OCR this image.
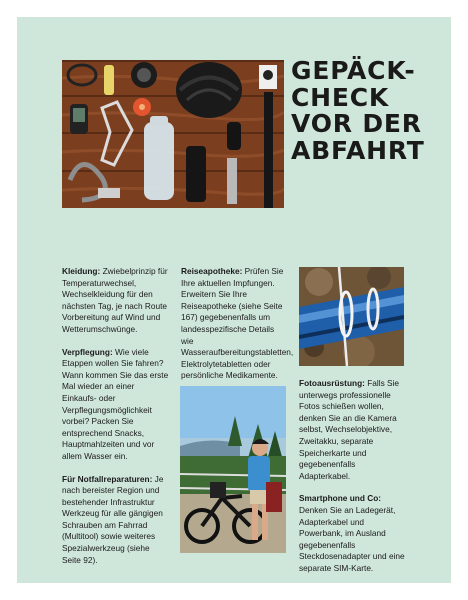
GEPÄCK-
CHECK
VOR DER
ABFAHRT

Kleidung: Zwiebelprinzip für Temperaturwechsel, Wechselkleidung für den nächsten Tag, je nach Route Vorbereitung auf Wind und Wetterumschwünge.

Verpflegung: Wie viele Etappen wollen Sie fahren? Wann kommen Sie das erste Mal wieder an einer Einkaufs- oder Verpflegungsmöglichkeit vorbei? Packen Sie entsprechend Snacks, Hauptmahlzeiten und vor allem Wasser ein.

Für Notfallreparaturen: Je nach bereister Region und bestehender Infrastruktur Werkzeug für alle gängigen Schrauben am Fahrrad (Multitool) sowie weiteres Spezialwerkzeug (siehe Seite 92).

Reiseapotheke: Prüfen Sie Ihre aktuellen Impfungen. Erweitern Sie Ihre Reiseapotheke (siehe Seite 167) gegebenenfalls um landesspezifische Details wie Wasseraufbereitungstabletten, Elektrolytetabletten oder persönliche Medikamente.

Fotoausrüstung: Falls Sie unterwegs professionelle Fotos schießen wollen, denken Sie an die Kamera selbst, Wechselobjektive, Zweitakku, separate Speicherkarte und gegebenenfalls Adapterkabel.

Smartphone und Co: Denken Sie an Ladegerät, Adapterkabel und Powerbank, im Ausland gegebenenfalls Steckdosenadapter und eine separate SIM-Karte.
